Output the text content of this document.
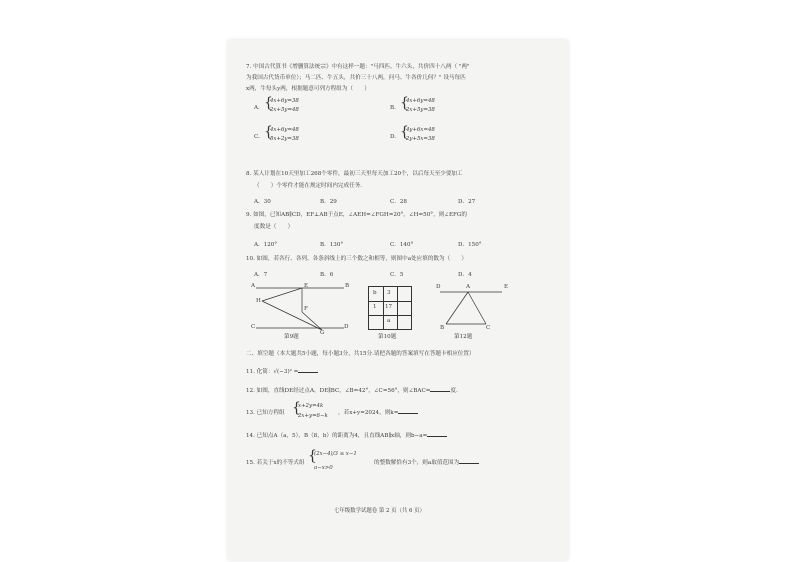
7. 中国古代算书《增删算法统宗》中有这样一题："马四匹、牛六头，共价四十八两（ "两"
为我国古代货币单位）；马二匹、牛五头，共价三十八两，问马、牛各价几何？" 设马每匹
x两，牛每头y两，根据题意可列方程组为（　　）
A. {
4x+6y=38
2x+5y=48	B. {
4x+6y=48
2x+5y=38
C. {
4x+6y=48
5x+2y=38	D. {
4y+6x=48
2y+5x=38
8. 某人计划在10天里加工268个零件，最初三天里每天加工20个，以后每天至少要加工
（　　）个零件才能在规定时间内完成任务.
A．30	B．29	C．28	D．27
9. 如图，已知AB∥CD，EF⊥AB于点E，∠AEH=∠FGH=20°，∠H=50°，则∠EFG的
度数是（　　）
A．120°	B．130°	C．140°	D．150°
10. 如图，若各行、各列、各条斜线上的三个数之和相等，则图中a处应填的数为（　　）
A．7	B．6	C．5	D．4
A	B
E
H
F
C
G
D
第9题
b 3
1 17
a
第10题
D	A	E
B	C
第12题
二、填空题（本大题共5小题，每小题3分，共15分.请把各题的答案填写在答题卡相应位置）
11. 化简：√(−3)² =
12. 如图，直线DE经过点A，DE∥BC，∠B=42°，∠C=56°，则∠BAC=	度.
13. 已知方程组 {
x+2y=4k
2x+y=6−k ，若x+y=2024，则k=
14. 已知点A（a，5），B（8，b）的距离为4，且直线AB∥x轴，则b−a=
15. 若关于x的不等式组 {
(2x−4)/3 ≤ x−1
a−x>0
的整数解恰有3个，则a取值范围为
七年级数学试题卷 第 2 页（共 6 页）
